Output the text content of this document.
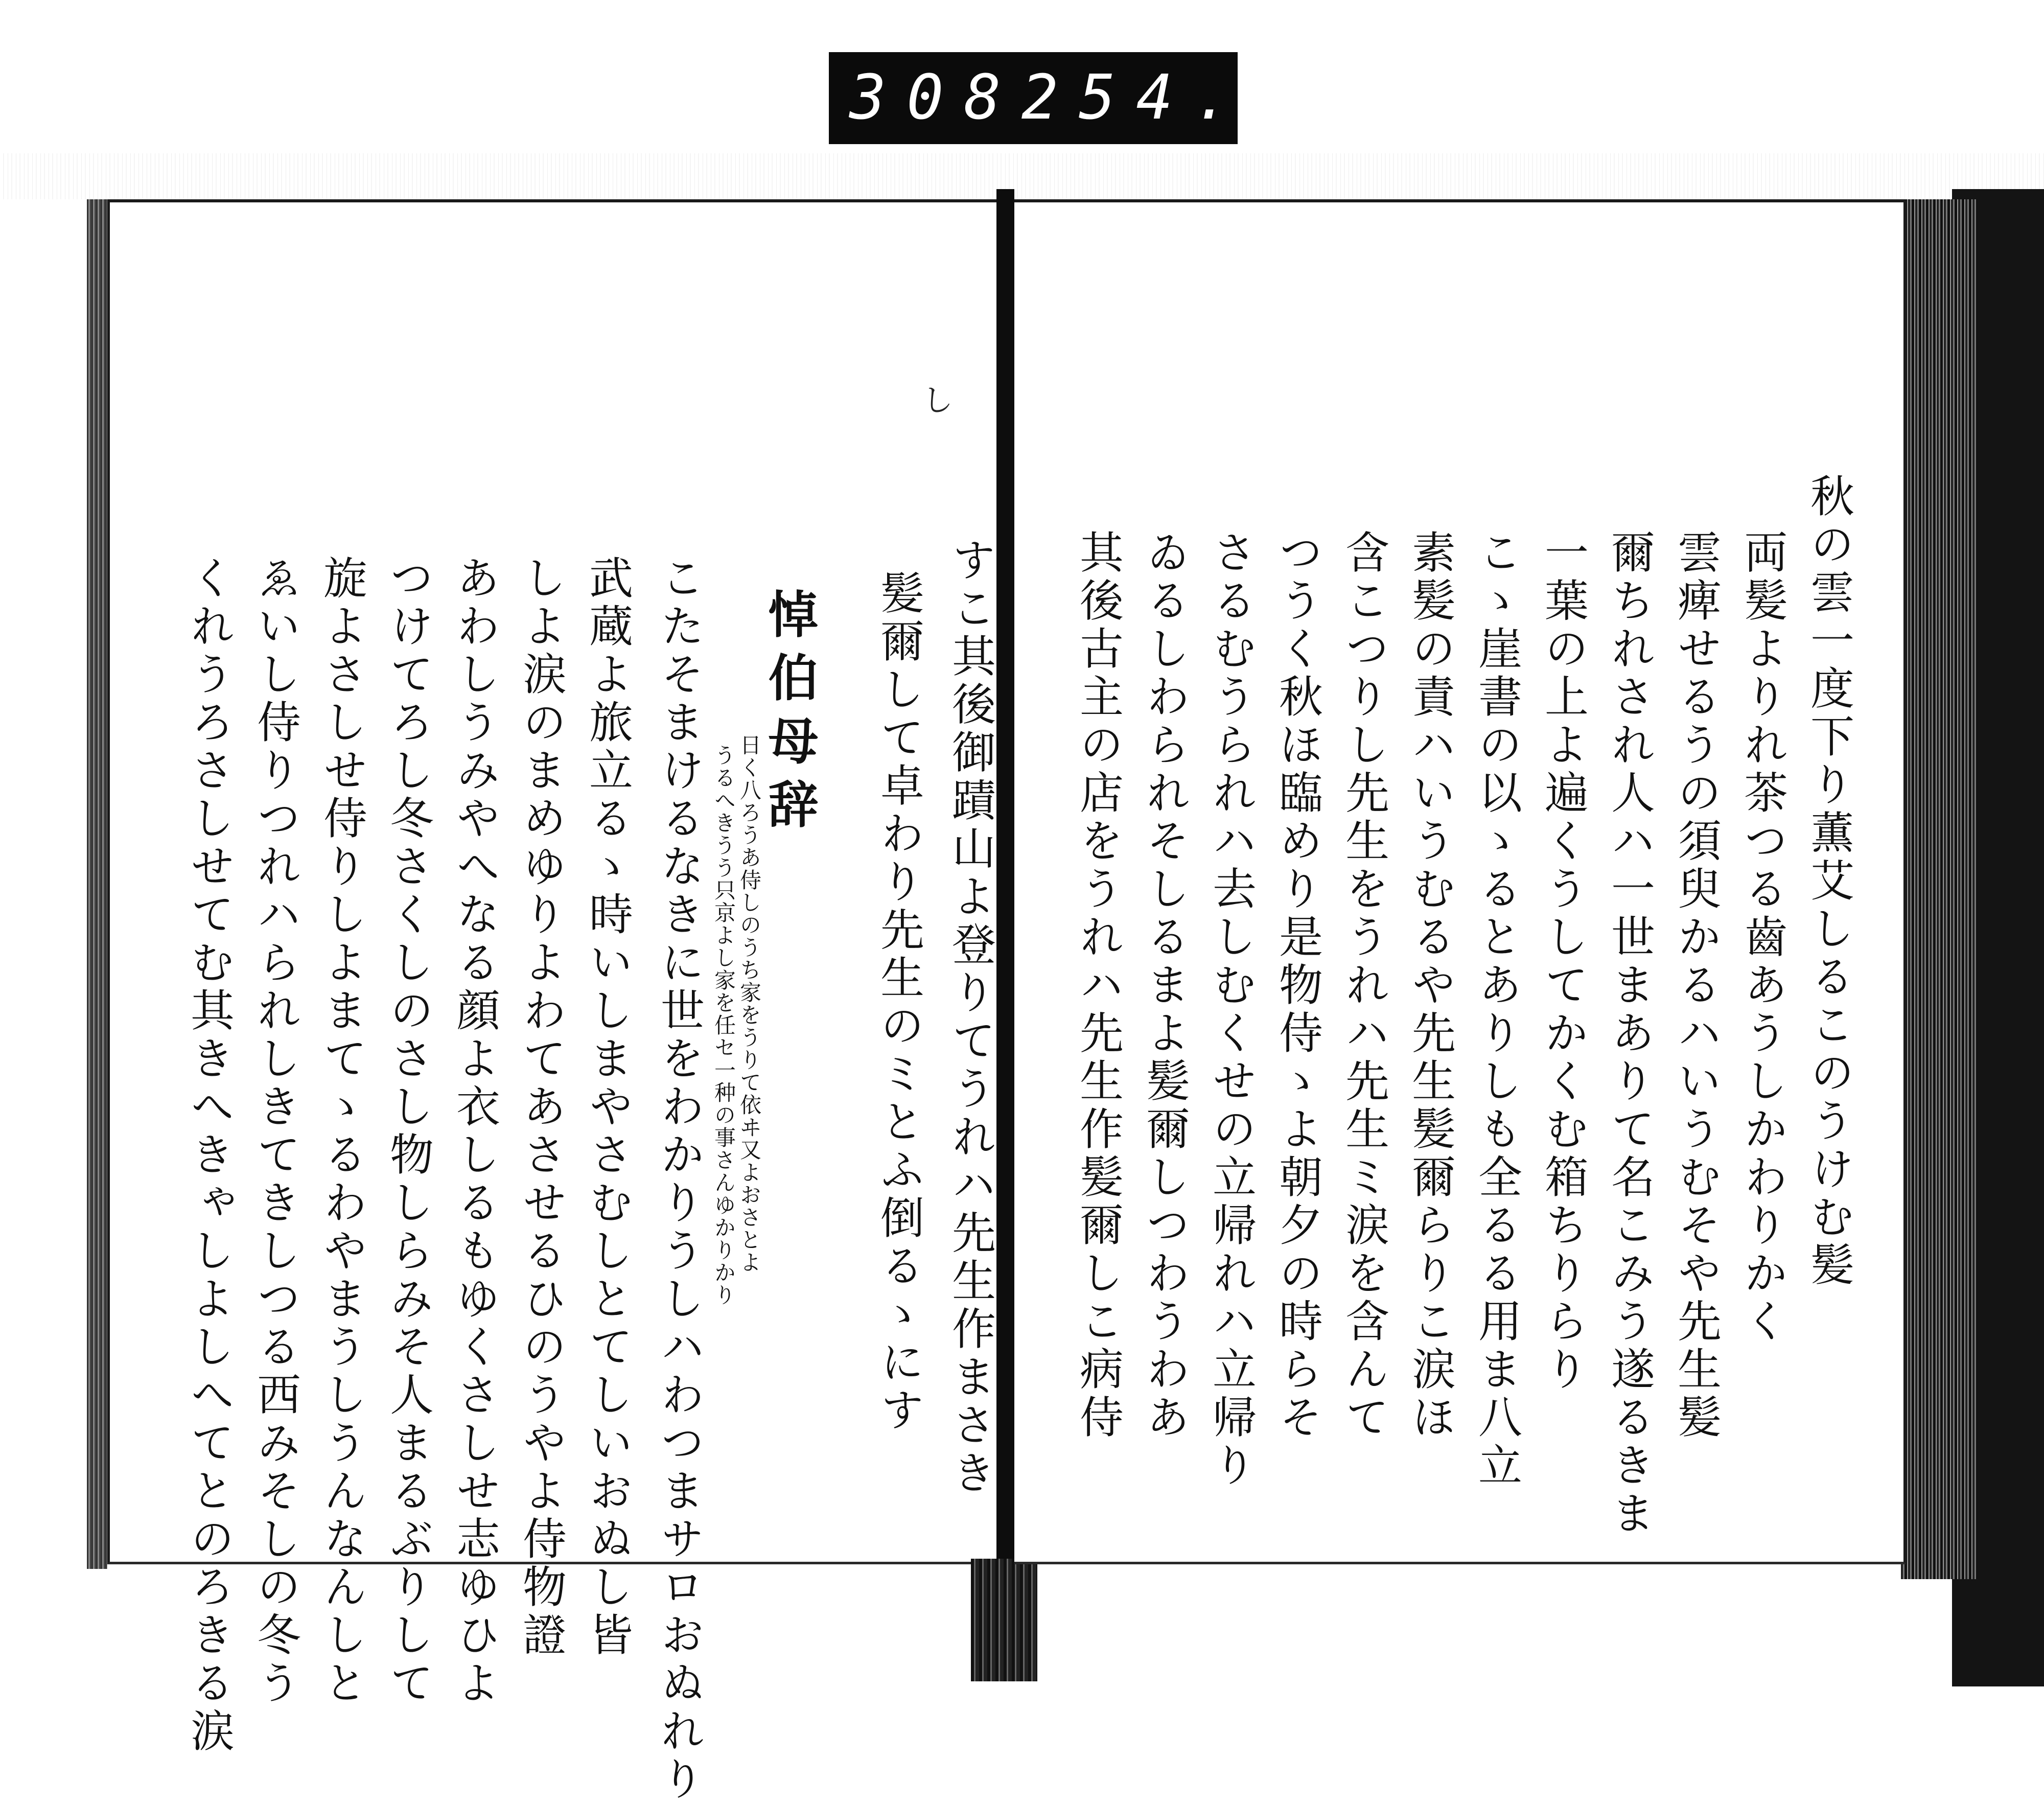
308 254.
し
すこ其後御蹟山よ登りてうれハ先生作まさき
髪爾して卓わり先生のミとふ倒るゝにす
悼伯母辞
日く八ろうあ侍しのうち家をうりて依ヰ又よおさとよ
うるへきうう只京よし家を任セ一种の事さんゆかりかり
こたそまけるなきに世をわかりうしハわつまサロおぬれり
武蔵よ旅立るゝ時いしまやさむしとてしいおぬし皆
しよ涙のまめゆりよわてあさせるひのうやよ侍物證
あわしうみやへなる顔よ衣しるもゆくさしせ志ゆひよ
つけてろし冬さくしのさし物しらみそ人まるぶりして
旋よさしせ侍りしよまてゝるわやまうしうんなんしと
ゑいし侍りつれハられしきてきしつる西みそしの冬う
くれうろさしせてむ其きへきゃしよしへてとのろきる涙	秋の雲一度下り薫艾しるこのうけむ髪
両髪よりれ茶つる齒あうしかわりかく
雲痺せるうの須臾かるハいうむそや先生髪
爾ちれされ人ハ一世まありて名こみう遂るきま
一葉の上よ遍くうしてかくむ箱ちりらり
こゝ崖書の以ゝるとありしも全るる用ま八立
素髪の責ハいうむるや先生髪爾らりこ涙ほ
含こつりし先生をうれハ先生ミ涙を含んて
つうく秋ほ臨めり是物侍ゝよ朝夕の時らそ
さるむうられハ去しむくせの立帰れハ立帰り
ゐるしわられそしるまよ髪爾しつわうわあ
其後古主の店をうれハ先生作髪爾しこ病侍
